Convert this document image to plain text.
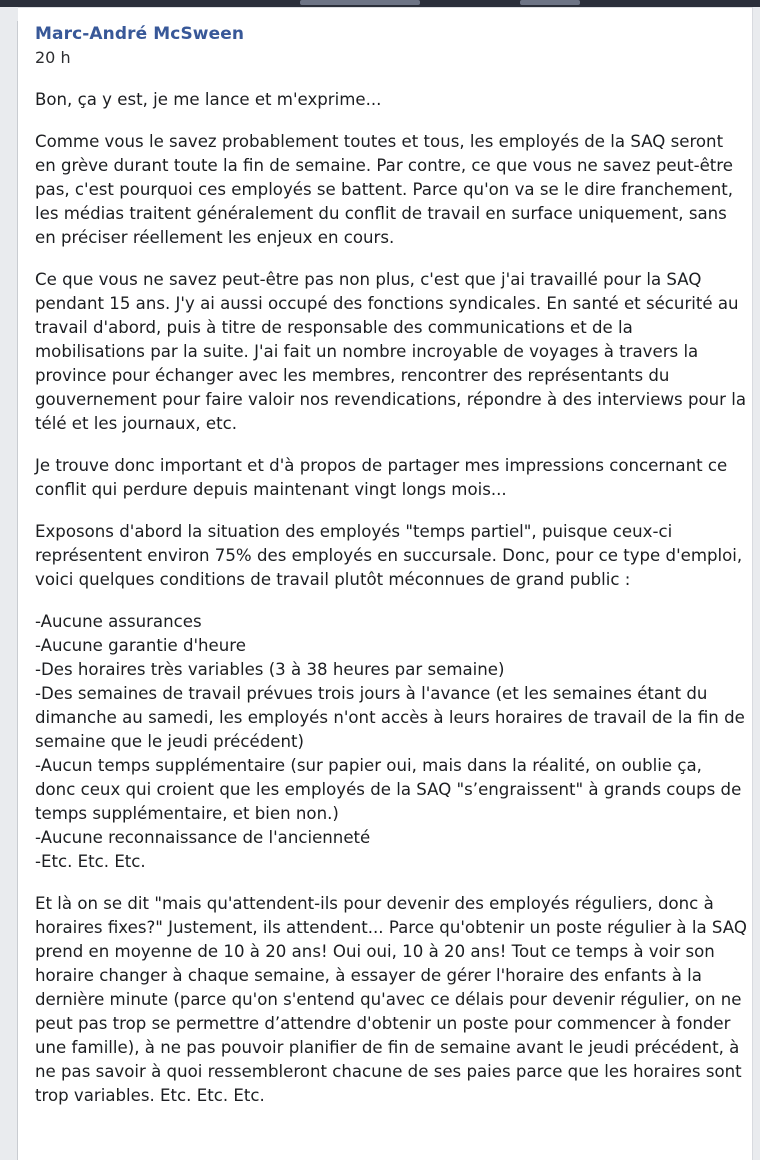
Marc-André McSween
20 h

Bon, ça y est, je me lance et m'exprime...

Comme vous le savez probablement toutes et tous, les employés de la SAQ seront en grève durant toute la fin de semaine. Par contre, ce que vous ne savez peut-être pas, c'est pourquoi ces employés se battent. Parce qu'on va se le dire franchement, les médias traitent généralement du conflit de travail en surface uniquement, sans en préciser réellement les enjeux en cours.

Ce que vous ne savez peut-être pas non plus, c'est que j'ai travaillé pour la SAQ pendant 15 ans. J'y ai aussi occupé des fonctions syndicales. En santé et sécurité au travail d'abord, puis à titre de responsable des communications et de la mobilisations par la suite. J'ai fait un nombre incroyable de voyages à travers la province pour échanger avec les membres, rencontrer des représentants du gouvernement pour faire valoir nos revendications, répondre à des interviews pour la télé et les journaux, etc.

Je trouve donc important et d'à propos de partager mes impressions concernant ce conflit qui perdure depuis maintenant vingt longs mois...

Exposons d'abord la situation des employés "temps partiel", puisque ceux-ci représentent environ 75% des employés en succursale. Donc, pour ce type d'emploi, voici quelques conditions de travail plutôt méconnues de grand public :

-Aucune assurances
-Aucune garantie d'heure
-Des horaires très variables (3 à 38 heures par semaine)
-Des semaines de travail prévues trois jours à l'avance (et les semaines étant du dimanche au samedi, les employés n'ont accès à leurs horaires de travail de la fin de semaine que le jeudi précédent)
-Aucun temps supplémentaire (sur papier oui, mais dans la réalité, on oublie ça, donc ceux qui croient que les employés de la SAQ "s’engraissent" à grands coups de temps supplémentaire, et bien non.)
-Aucune reconnaissance de l'ancienneté
-Etc. Etc. Etc.

Et là on se dit "mais qu'attendent-ils pour devenir des employés réguliers, donc à horaires fixes?" Justement, ils attendent... Parce qu'obtenir un poste régulier à la SAQ prend en moyenne de 10 à 20 ans! Oui oui, 10 à 20 ans! Tout ce temps à voir son horaire changer à chaque semaine, à essayer de gérer l'horaire des enfants à la dernière minute (parce qu'on s'entend qu'avec ce délais pour devenir régulier, on ne peut pas trop se permettre d’attendre d'obtenir un poste pour commencer à fonder une famille), à ne pas pouvoir planifier de fin de semaine avant le jeudi précédent, à ne pas savoir à quoi ressembleront chacune de ses paies parce que les horaires sont trop variables. Etc. Etc. Etc.
